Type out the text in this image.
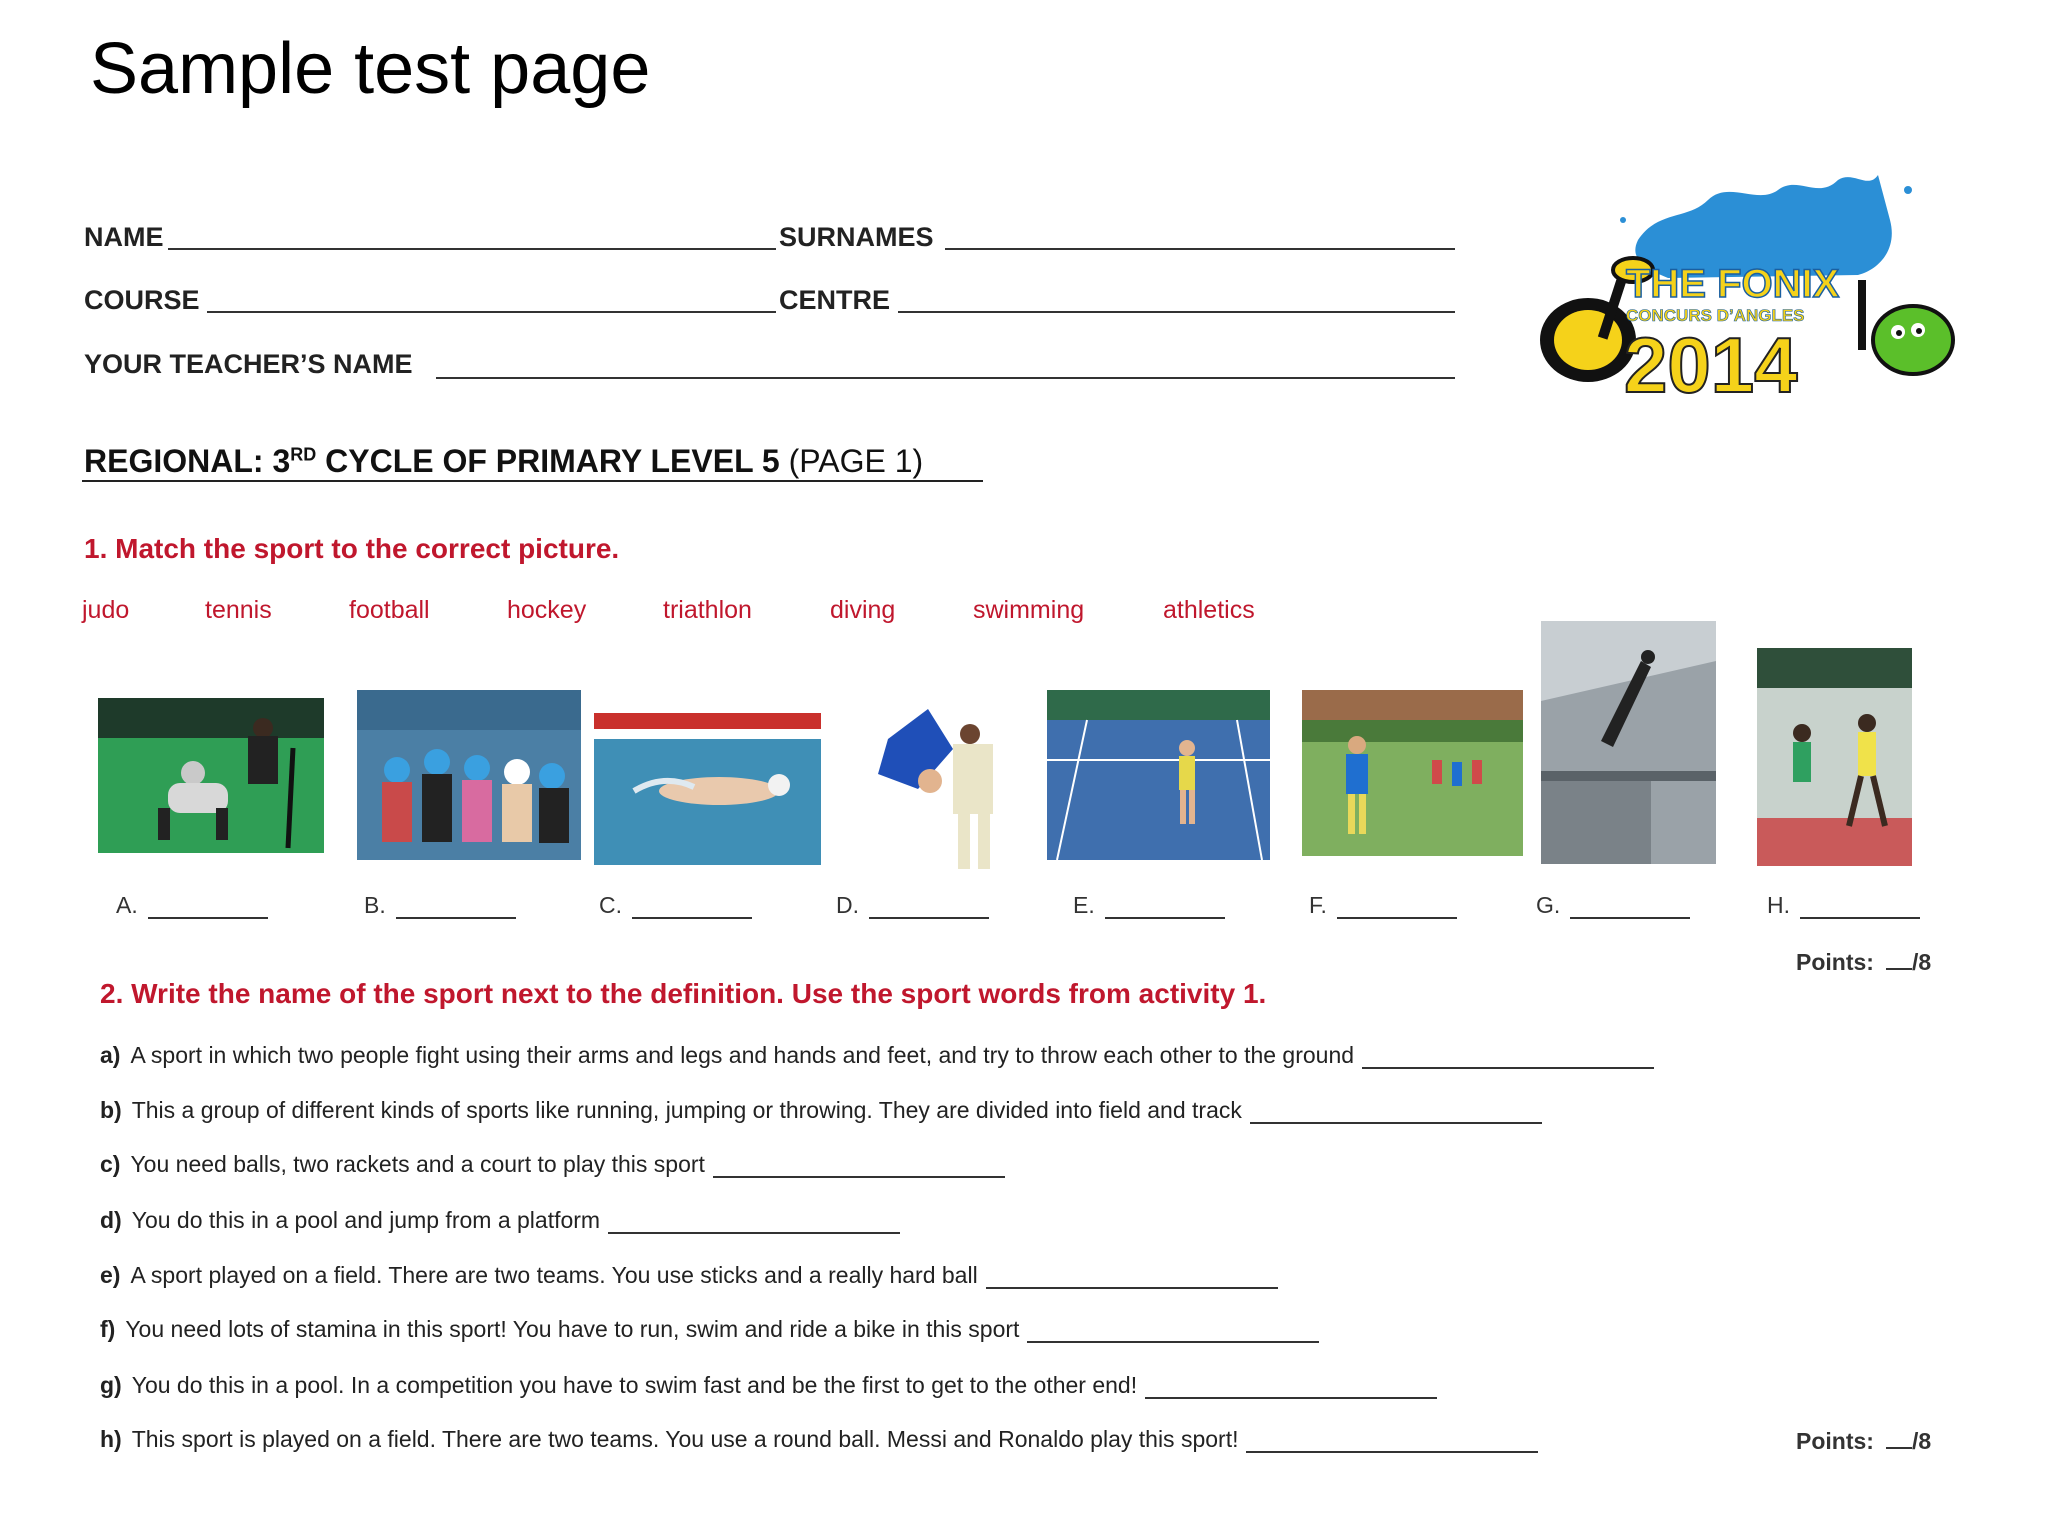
Sample test page
NAME	SURNAMES
COURSE	CENTRE
YOUR TEACHER’S NAME
THE FONIX
CONCURS D’ANGLES
2014
REGIONAL: 3RD CYCLE OF PRIMARY LEVEL 5 (PAGE 1)
1. Match the sport to the correct picture.
judo	tennis	football	hockey	triathlon	diving	swimming	athletics
A.	B.	C.	D.	E.	F.	G.	H.
Points: /8
2. Write the name of the sport next to the definition. Use the sport words from activity 1.
a) A sport in which two people fight using their arms and legs and hands and feet, and try to throw each other to the ground
b) This a group of different kinds of sports like running, jumping or throwing. They are divided into field and track
c) You need balls, two rackets and a court to play this sport
d) You do this in a pool and jump from a platform
e) A sport played on a field. There are two teams. You use sticks and a really hard ball
f) You need lots of stamina in this sport! You have to run, swim and ride a bike in this sport
g) You do this in a pool. In a competition you have to swim fast and be the first to get to the other end!
h) This sport is played on a field. There are two teams. You use a round ball. Messi and Ronaldo play this sport!	Points: /8
